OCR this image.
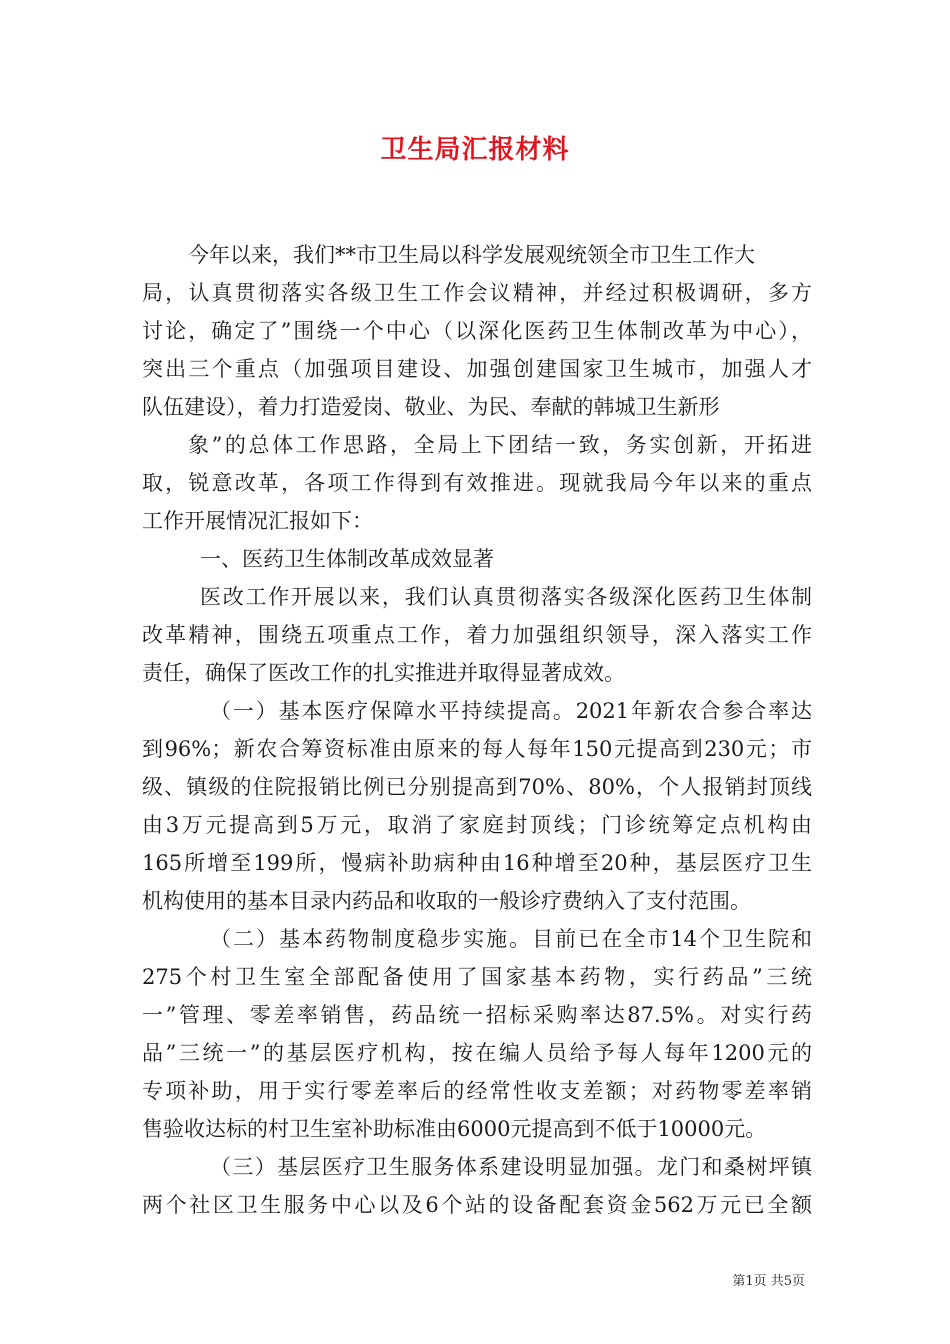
卫生局汇报材料
今年以来，我们**市卫生局以科学发展观统领全市卫生工作大
局，认真贯彻落实各级卫生工作会议精神，并经过积极调研，多方
讨论，确定了”围绕一个中心（以深化医药卫生体制改革为中心），
突出三个重点（加强项目建设、加强创建国家卫生城市，加强人才
队伍建设），着力打造爱岗、敬业、为民、奉献的韩城卫生新形
象”的总体工作思路，全局上下团结一致，务实创新，开拓进
取，锐意改革，各项工作得到有效推进。现就我局今年以来的重点
工作开展情况汇报如下：
一、医药卫生体制改革成效显著
医改工作开展以来，我们认真贯彻落实各级深化医药卫生体制
改革精神，围绕五项重点工作，着力加强组织领导，深入落实工作
责任，确保了医改工作的扎实推进并取得显著成效。
（一）基本医疗保障水平持续提高。2021年新农合参合率达
到96%；新农合筹资标准由原来的每人每年150元提高到230元；市
级、镇级的住院报销比例已分别提高到70%、80%，个人报销封顶线
由3万元提高到5万元，取消了家庭封顶线；门诊统筹定点机构由
165所增至199所，慢病补助病种由16种增至20种，基层医疗卫生
机构使用的基本目录内药品和收取的一般诊疗费纳入了支付范围。
（二）基本药物制度稳步实施。目前已在全市14个卫生院和
275个村卫生室全部配备使用了国家基本药物，实行药品”三统
一”管理、零差率销售，药品统一招标采购率达87.5%。对实行药
品”三统一”的基层医疗机构，按在编人员给予每人每年1200元的
专项补助，用于实行零差率后的经常性收支差额；对药物零差率销
售验收达标的村卫生室补助标准由6000元提高到不低于10000元。
（三）基层医疗卫生服务体系建设明显加强。龙门和桑树坪镇
两个社区卫生服务中心以及6个站的设备配套资金562万元已全额
第1页 共5页
